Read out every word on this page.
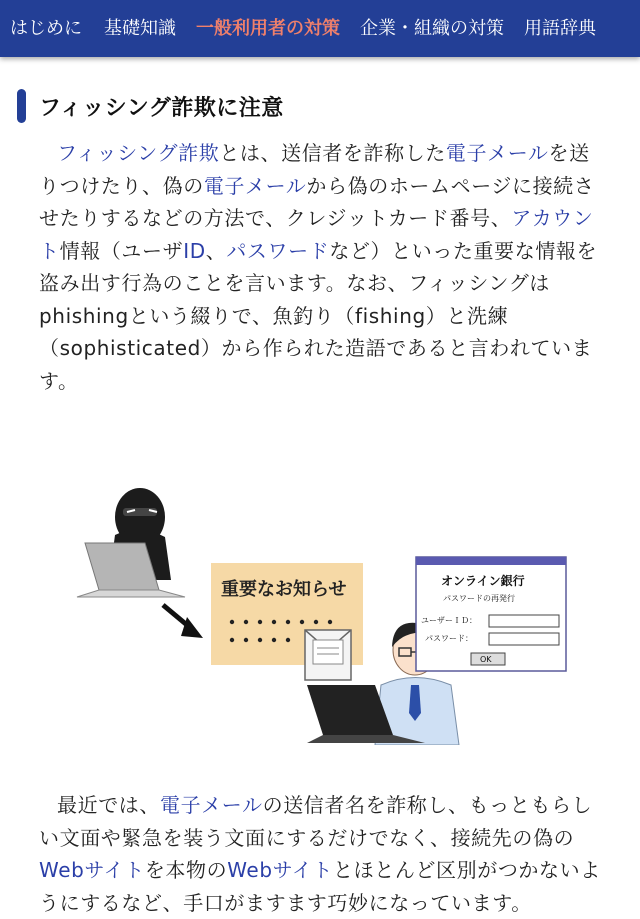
はじめに 基礎知識 一般利用者の対策 企業・組織の対策 用語辞典
フィッシング詐欺に注意

フィッシング詐欺とは、送信者を詐称した電子メールを送りつけたり、偽の電子メールから偽のホームページに接続させたりするなどの方法で、クレジットカード番号、アカウント情報（ユーザID、パスワードなど）といった重要な情報を盗み出す行為のことを言います。なお、フィッシングはphishingという綴りで、魚釣り（fishing）と洗練（sophisticated）から作られた造語であると言われています。

重要なお知らせ	オンライン銀行
パスワードの再発行
ユーザーＩＤ：
パスワード：
OK

最近では、電子メールの送信者名を詐称し、もっともらしい文面や緊急を装う文面にするだけでなく、接続先の偽のWebサイトを本物のWebサイトとほとんど区別がつかないようにするなど、手口がますます巧妙になっています。
